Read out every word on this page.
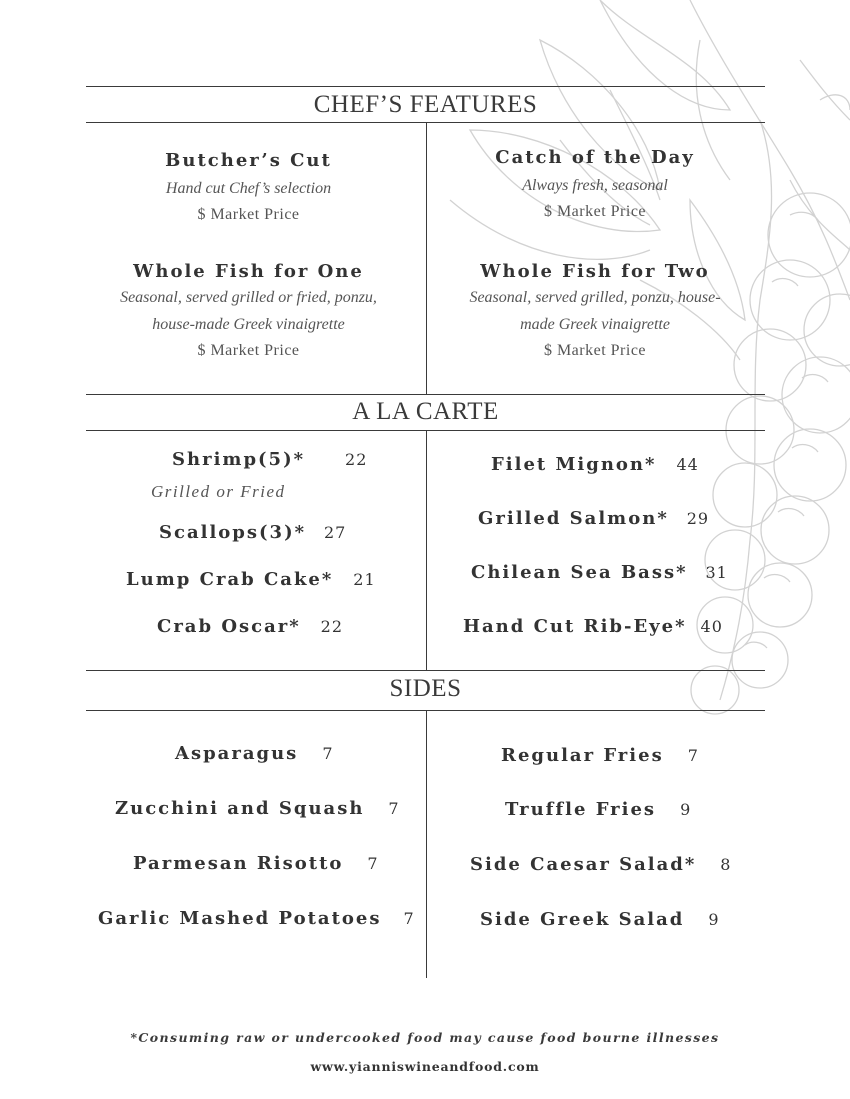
CHEF’S FEATURES
Butcher’s Cut
Hand cut Chef’s selection
$ Market Price
Catch of the Day
Always fresh, seasonal
$ Market Price
Whole Fish for One
Seasonal, served grilled or fried, ponzu,
house-made Greek vinaigrette
$ Market Price
Whole Fish for Two
Seasonal, served grilled, ponzu, house-
made Greek vinaigrette
$ Market Price
A LA CARTE
Shrimp(5)*	22
Grilled or Fried
Scallops(3)* 27
Lump Crab Cake* 21
Crab Oscar* 22
Filet Mignon* 44
Grilled Salmon* 29
Chilean Sea Bass* 31
Hand Cut Rib-Eye* 40
SIDES
Asparagus 7
Zucchini and Squash 7
Parmesan Risotto 7
Garlic Mashed Potatoes 7
Regular Fries 7
Truffle Fries 9
Side Caesar Salad* 8
Side Greek Salad 9
*Consuming raw or undercooked food may cause food bourne illnesses
www.yianniswineandfood.com
